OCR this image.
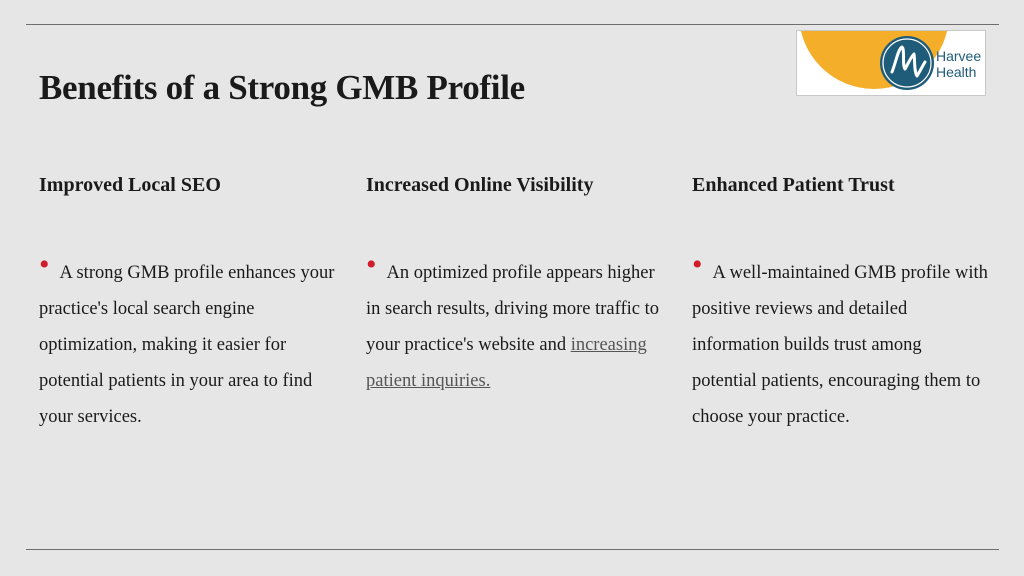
Harvee
Health
Benefits of a Strong GMB Profile
Improved Local SEO

• A strong GMB profile enhances your practice's local search engine optimization, making it easier for potential patients in your area to find your services.

Increased Online Visibility

• An optimized profile appears higher in search results, driving more traffic to your practice's website and increasing patient inquiries.

Enhanced Patient Trust

• A well-maintained GMB profile with positive reviews and detailed information builds trust among potential patients, encouraging them to choose your practice.
